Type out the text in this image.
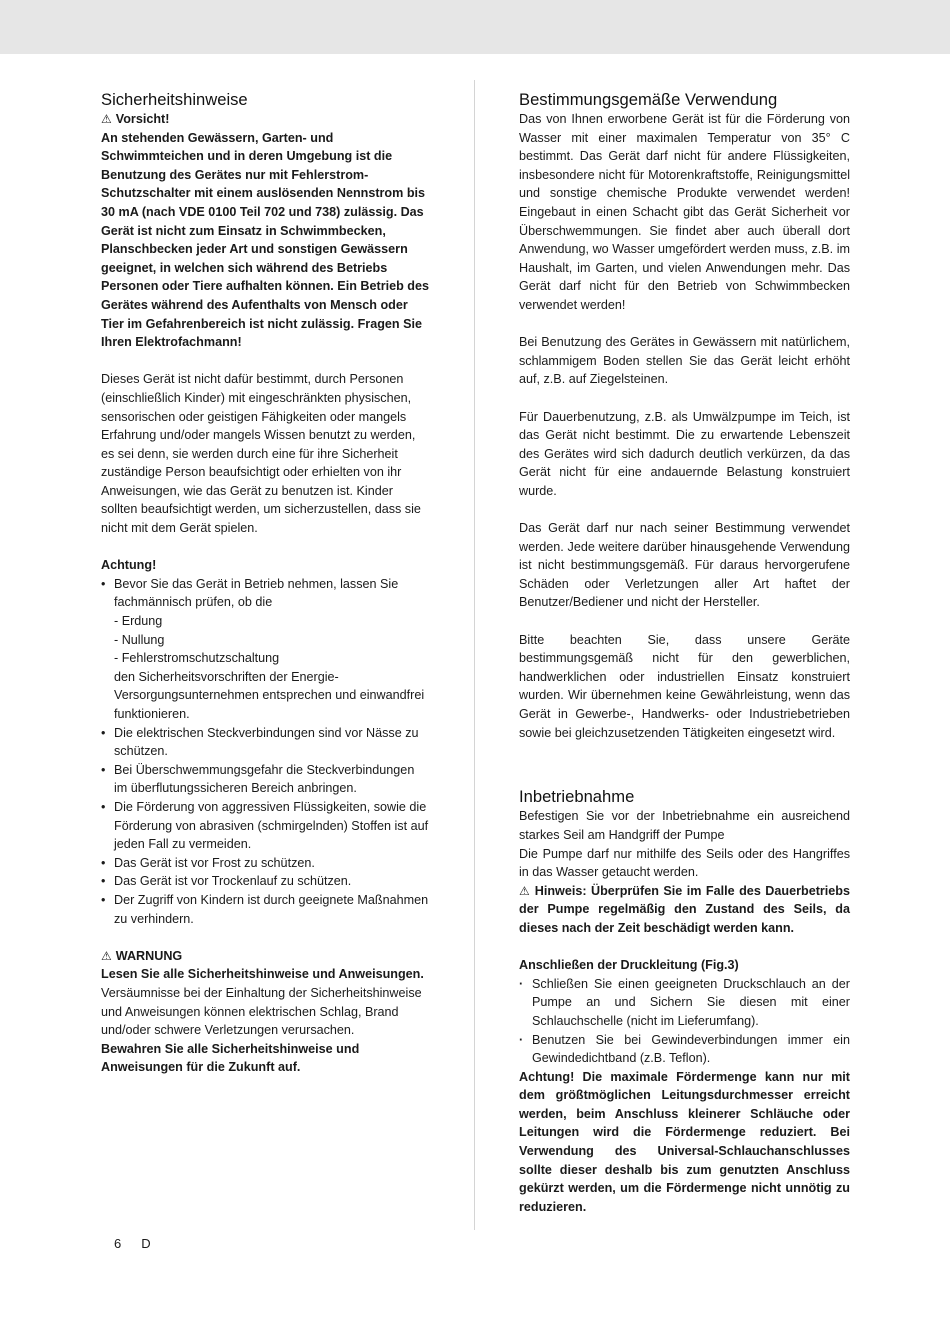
Sicherheitshinweise

⚠ Vorsicht!

An stehenden Gewässern, Garten- und Schwimmteichen und in deren Umgebung ist die Benutzung des Gerätes nur mit Fehlerstrom- Schutzschalter mit einem auslösenden Nennstrom bis 30 mA (nach VDE 0100 Teil 702 und 738) zulässig. Das Gerät ist nicht zum Einsatz in Schwimmbecken, Planschbecken jeder Art und sonstigen Gewässern geeignet, in welchen sich während des Betriebs Personen oder Tiere aufhalten können. Ein Betrieb des Gerätes während des Aufenthalts von Mensch oder Tier im Gefahrenbereich ist nicht zulässig. Fragen Sie Ihren Elektrofachmann!

Dieses Gerät ist nicht dafür bestimmt, durch Personen (einschließlich Kinder) mit eingeschränkten physischen, sensorischen oder geistigen Fähigkeiten oder mangels Erfahrung und/oder mangels Wissen benutzt zu werden, es sei denn, sie werden durch eine für ihre Sicherheit zuständige Person beaufsichtigt oder erhielten von ihr Anweisungen, wie das Gerät zu benutzen ist. Kinder sollten beaufsichtigt werden, um sicherzustellen, dass sie nicht mit dem Gerät spielen.

Achtung!

• Bevor Sie das Gerät in Betrieb nehmen, lassen Sie fachmännisch prüfen, ob die
- Erdung
- Nullung
- Fehlerstromschutzschaltung
den Sicherheitsvorschriften der Energie-Versorgungsunternehmen entsprechen und einwandfrei funktionieren.
• Die elektrischen Steckverbindungen sind vor Nässe zu schützen.
• Bei Überschwemmungsgefahr die Steckverbindungen im überflutungssicheren Bereich anbringen.
• Die Förderung von aggressiven Flüssigkeiten, sowie die Förderung von abrasiven (schmirgelnden) Stoffen ist auf jeden Fall zu vermeiden.
• Das Gerät ist vor Frost zu schützen.
• Das Gerät ist vor Trockenlauf zu schützen.
• Der Zugriff von Kindern ist durch geeignete Maßnahmen zu verhindern.

⚠ WARNUNG

Lesen Sie alle Sicherheitshinweise und Anweisungen. Versäumnisse bei der Einhaltung der Sicherheitshinweise und Anweisungen können elektrischen Schlag, Brand und/oder schwere Verletzungen verursachen.

Bewahren Sie alle Sicherheitshinweise und Anweisungen für die Zukunft auf.

Bestimmungsgemäße Verwendung

Das von Ihnen erworbene Gerät ist für die Förderung von Wasser mit einer maximalen Temperatur von 35° C bestimmt. Das Gerät darf nicht für andere Flüssigkeiten, insbesondere nicht für Motorenkraftstoffe, Reinigungsmittel und sonstige chemische Produkte verwendet werden! Eingebaut in einen Schacht gibt das Gerät Sicherheit vor Überschwemmungen. Sie findet aber auch überall dort Anwendung, wo Wasser umgefördert werden muss, z.B. im Haushalt, im Garten, und vielen Anwendungen mehr. Das Gerät darf nicht für den Betrieb von Schwimmbecken verwendet werden!

Bei Benutzung des Gerätes in Gewässern mit natürlichem, schlammigem Boden stellen Sie das Gerät leicht erhöht auf, z.B. auf Ziegelsteinen.

Für Dauerbenutzung, z.B. als Umwälzpumpe im Teich, ist das Gerät nicht bestimmt. Die zu erwartende Lebenszeit des Gerätes wird sich dadurch deutlich verkürzen, da das Gerät nicht für eine andauernde Belastung konstruiert wurde.

Das Gerät darf nur nach seiner Bestimmung verwendet werden. Jede weitere darüber hinausgehende Verwendung ist nicht bestimmungsgemäß. Für daraus hervorgerufene Schäden oder Verletzungen aller Art haftet der Benutzer/Bediener und nicht der Hersteller.

Bitte beachten Sie, dass unsere Geräte bestimmungsgemäß nicht für den gewerblichen, handwerklichen oder industriellen Einsatz konstruiert wurden. Wir übernehmen keine Gewährleistung, wenn das Gerät in Gewerbe-, Handwerks- oder Industriebetrieben sowie bei gleichzusetzenden Tätigkeiten eingesetzt wird.

Inbetriebnahme

Befestigen Sie vor der Inbetriebnahme ein ausreichend starkes Seil am Handgriff der Pumpe

Die Pumpe darf nur mithilfe des Seils oder des Hangriffes in das Wasser getaucht werden.

⚠ Hinweis: Überprüfen Sie im Falle des Dauerbetriebs der Pumpe regelmäßig den Zustand des Seils, da dieses nach der Zeit beschädigt werden kann.

Anschließen der Druckleitung (Fig.3)

· Schließen Sie einen geeigneten Druckschlauch an der Pumpe an und Sichern Sie diesen mit einer Schlauchschelle (nicht im Lieferumfang).
· Benutzen Sie bei Gewindeverbindungen immer ein Gewindedichtband (z.B. Teflon).

Achtung! Die maximale Fördermenge kann nur mit dem größtmöglichen Leitungsdurchmesser erreicht werden, beim Anschluss kleinerer Schläuche oder Leitungen wird die Fördermenge reduziert. Bei Verwendung des Universal-Schlauchanschlusses sollte dieser deshalb bis zum genutzten Anschluss gekürzt werden, um die Fördermenge nicht unnötig zu reduzieren.

6 D
